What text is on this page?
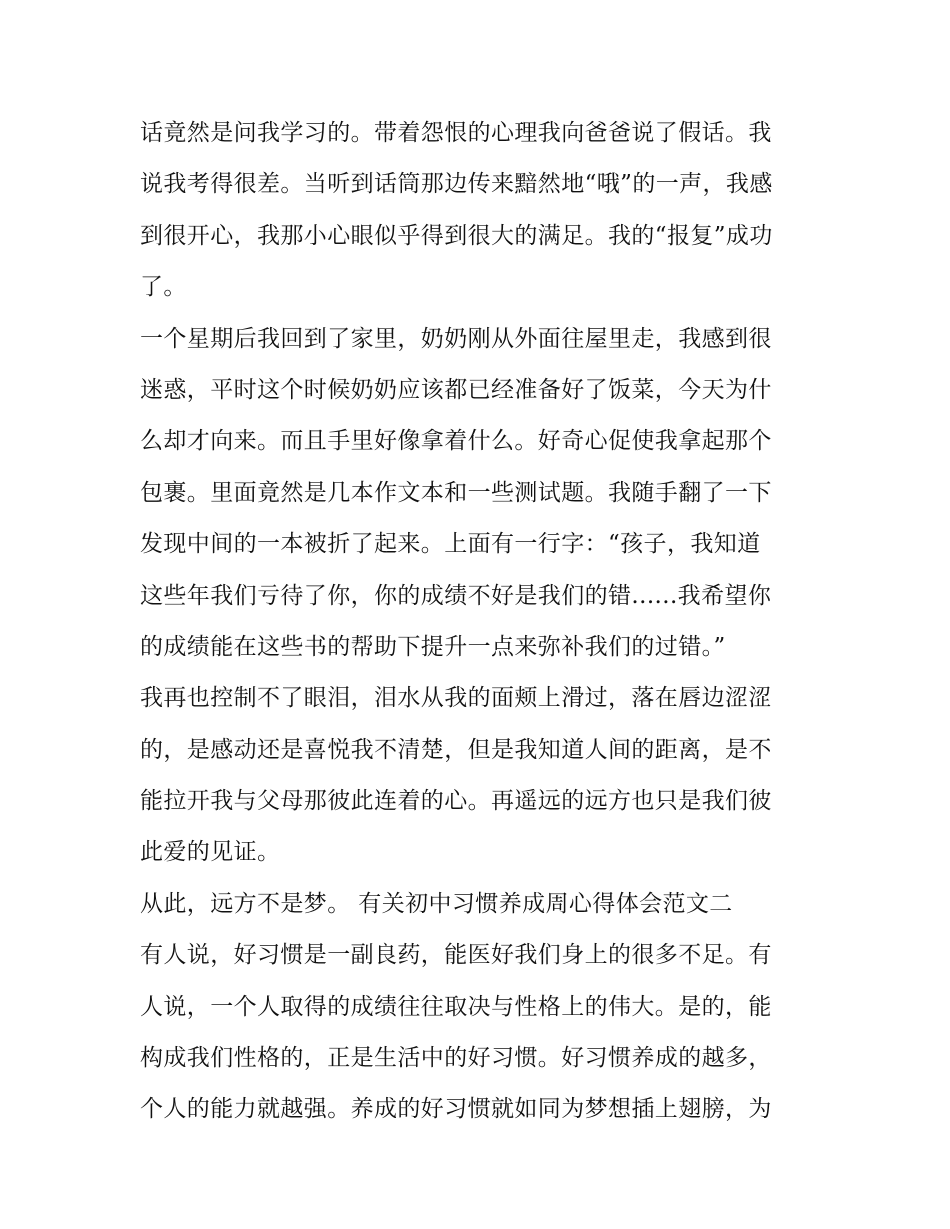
话竟然是问我学习的。带着怨恨的心理我向爸爸说了假话。我
说我考得很差。当听到话筒那边传来黯然地“哦”的一声，我感
到很开心，我那小心眼似乎得到很大的满足。我的“报复”成功
了。
一个星期后我回到了家里，奶奶刚从外面往屋里走，我感到很
迷惑，平时这个时候奶奶应该都已经准备好了饭菜，今天为什
么却才向来。而且手里好像拿着什么。好奇心促使我拿起那个
包裹。里面竟然是几本作文本和一些测试题。我随手翻了一下
发现中间的一本被折了起来。上面有一行字：“孩子，我知道
这些年我们亏待了你，你的成绩不好是我们的错......我希望你
的成绩能在这些书的帮助下提升一点来弥补我们的过错。”
我再也控制不了眼泪，泪水从我的面颊上滑过，落在唇边涩涩
的，是感动还是喜悦我不清楚，但是我知道人间的距离，是不
能拉开我与父母那彼此连着的心。再遥远的远方也只是我们彼
此爱的见证。
从此，远方不是梦。 有关初中习惯养成周心得体会范文二
有人说，好习惯是一副良药，能医好我们身上的很多不足。有
人说，一个人取得的成绩往往取决与性格上的伟大。是的，能
构成我们性格的，正是生活中的好习惯。好习惯养成的越多，
个人的能力就越强。养成的好习惯就如同为梦想插上翅膀，为
